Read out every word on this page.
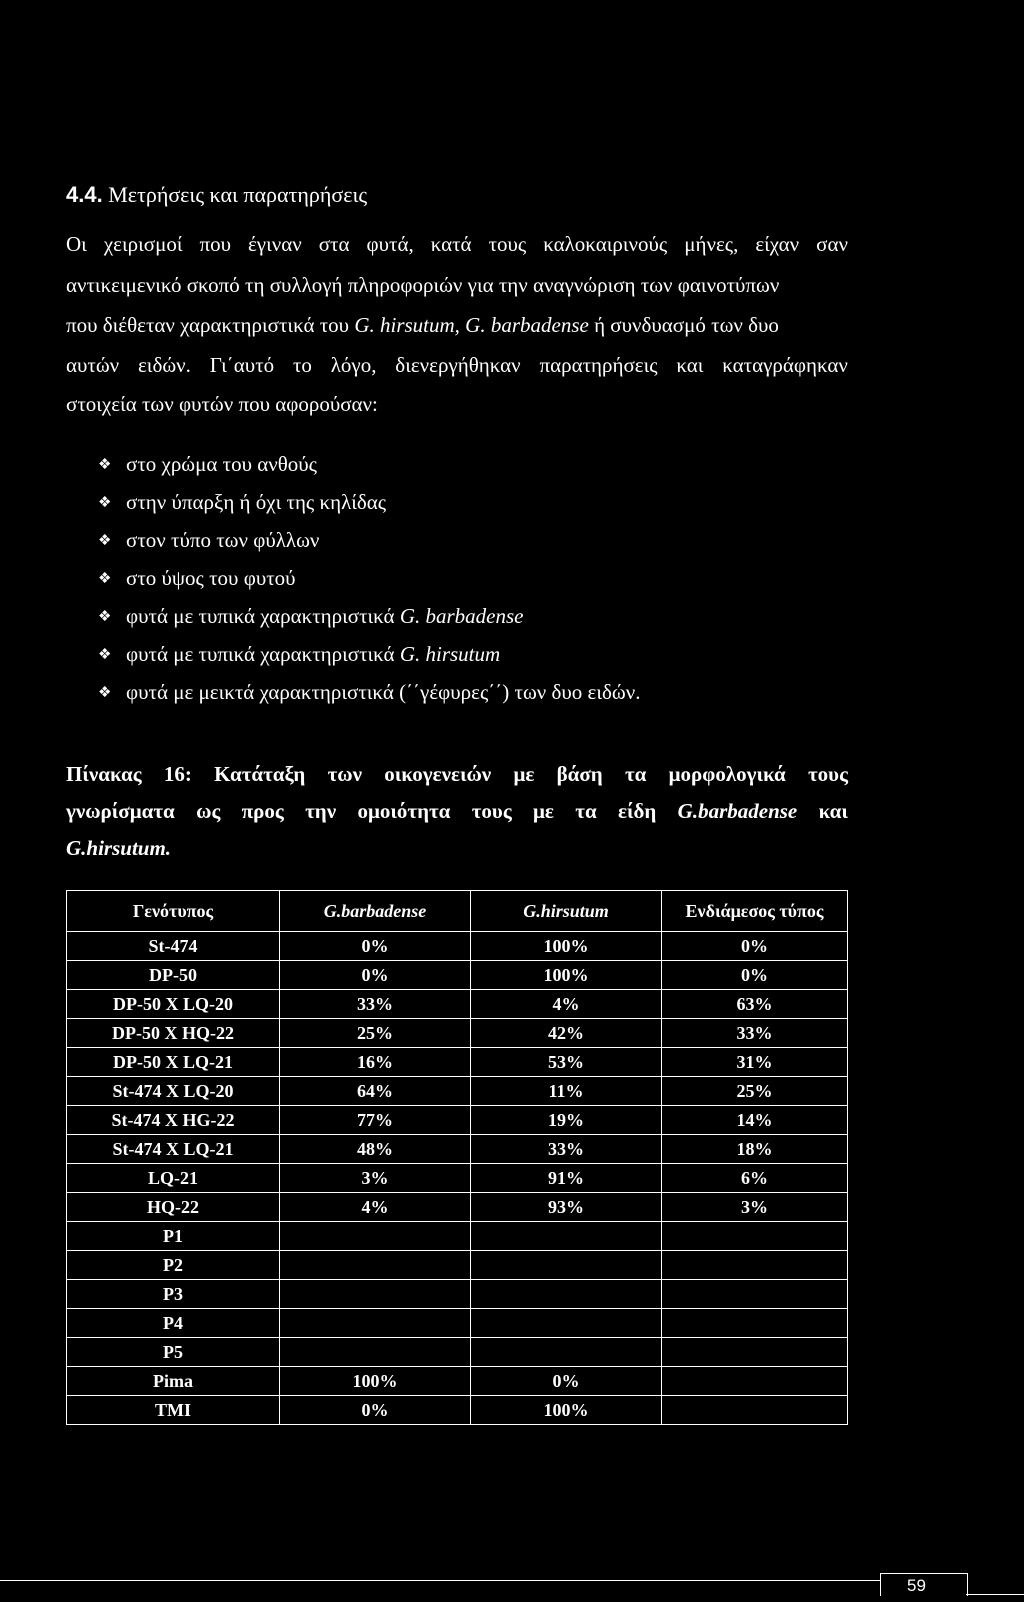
4.4. Μετρήσεις και παρατηρήσεις
Οι χειρισμοί που έγιναν στα φυτά, κατά τους καλοκαιρινούς μήνες, είχαν σαν
αντικειμενικό σκοπό τη συλλογή πληροφοριών για την αναγνώριση των φαινοτύπων
που διέθεταν χαρακτηριστικά του G. hirsutum, G. barbadense ή συνδυασμό των δυο
αυτών ειδών. Γι΄αυτό το λόγο, διενεργήθηκαν παρατηρήσεις και καταγράφηκαν
στοιχεία των φυτών που αφορούσαν:
❖ στο χρώμα του ανθούς
❖ στην ύπαρξη ή όχι της κηλίδας
❖ στον τύπο των φύλλων
❖ στο ύψος του φυτού
❖ φυτά με τυπικά χαρακτηριστικά G. barbadense
❖ φυτά με τυπικά χαρακτηριστικά G. hirsutum
❖ φυτά με μεικτά χαρακτηριστικά (΄΄γέφυρες΄΄) των δυο ειδών.
Πίνακας 16: Κατάταξη των οικογενειών με βάση τα μορφολογικά τους
γνωρίσματα ως προς την ομοιότητα τους με τα είδη G.barbadense και
G.hirsutum.
Γενότυπος	G.barbadense	G.hirsutum	Ενδιάμεσος τύπος
St-474	0%	100%	0%
DP-50	0%	100%	0%
DP-50 X LQ-20	33%	4%	63%
DP-50 X HQ-22	25%	42%	33%
DP-50 X LQ-21	16%	53%	31%
St-474 X LQ-20	64%	11%	25%
St-474 X HG-22	77%	19%	14%
St-474 X LQ-21	48%	33%	18%
LQ-21	3%	91%	6%
HQ-22	4%	93%	3%
P1			
P2			
P3			
P4			
P5			
Pima	100%	0%	
TMI	0%	100%	
59
